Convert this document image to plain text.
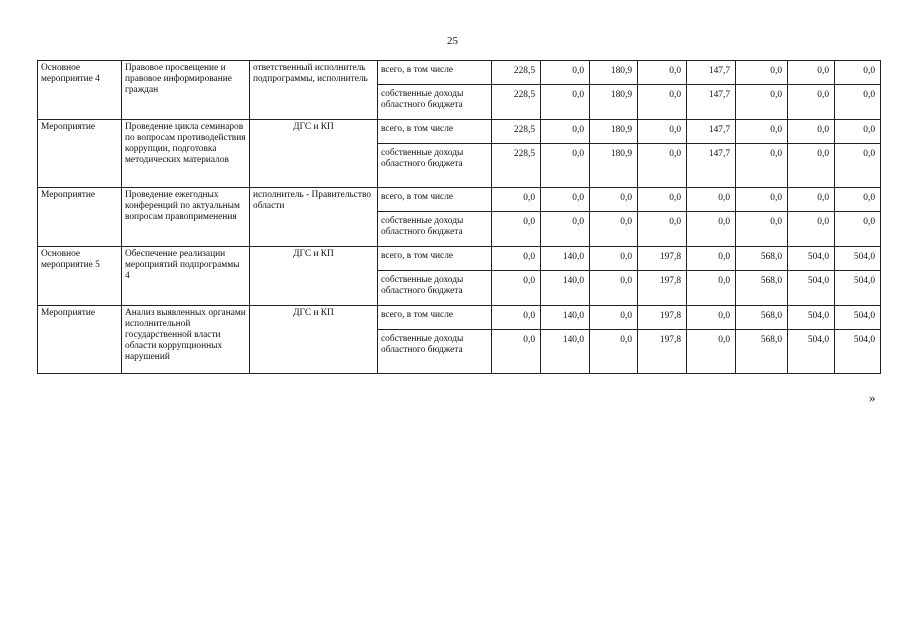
25
Основное мероприятие 4	Правовое просвещение и правовое информирование граждан	ответственный исполнитель подпрограммы, исполнитель	всего, в том числе	228,5	0,0	180,9	0,0	147,7	0,0	0,0	0,0
			собственные доходы областного бюджета	228,5	0,0	180,9	0,0	147,7	0,0	0,0	0,0
Мероприятие	Проведение цикла семинаров по вопросам противодействия коррупции, подготовка методических материалов	ДГС и КП	всего, в том числе	228,5	0,0	180,9	0,0	147,7	0,0	0,0	0,0
			собственные доходы областного бюджета	228,5	0,0	180,9	0,0	147,7	0,0	0,0	0,0
Мероприятие	Проведение ежегодных конференций по актуальным вопросам правоприменения	исполнитель - Правительство области	всего, в том числе	0,0	0,0	0,0	0,0	0,0	0,0	0,0	0,0
			собственные доходы областного бюджета	0,0	0,0	0,0	0,0	0,0	0,0	0,0	0,0
Основное мероприятие 5	Обеспечение реализации мероприятий подпрограммы 4	ДГС и КП	всего, в том числе	0,0	140,0	0,0	197,8	0,0	568,0	504,0	504,0
			собственные доходы областного бюджета	0,0	140,0	0,0	197,8	0,0	568,0	504,0	504,0
Мероприятие	Анализ выявленных органами исполнительной государственной власти области коррупционных нарушений	ДГС и КП	всего, в том числе	0,0	140,0	0,0	197,8	0,0	568,0	504,0	504,0
			собственные доходы областного бюджета	0,0	140,0	0,0	197,8	0,0	568,0	504,0	504,0
»
